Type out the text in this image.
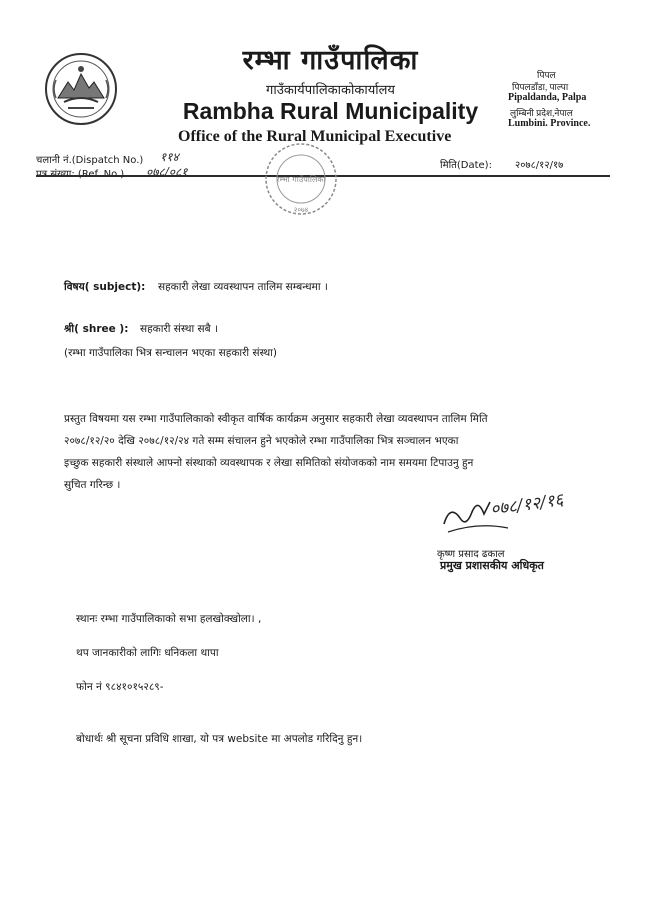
रम्भा गाउँपालिका
गाउँकार्यपालिकाकोकार्यालय
Rambha Rural Municipality
Office of the Rural Municipal Executive
पिपल
पिपलडाँडा, पाल्पा
Pipaldanda, Palpa
लुम्बिनी प्रदेश,नेपाल
Lumbini. Province.
चलानी नं.(Dispatch No.) ११४
पत्र संख्या: (Ref. No.) ०७८/०८१	मिति(Date): २०७८/१२/१७
रम्भा गाउँपालिका
२०७४
विषय( subject): सहकारी लेखा व्यवस्थापन तालिम सम्बन्धमा ।
श्री( shree ): सहकारी संस्था सबै ।
(रम्भा गाउँपालिका भित्र सन्चालन भएका सहकारी संस्था)
प्रस्तुत विषयमा यस रम्भा गाउँपालिकाको स्वीकृत वार्षिक कार्यक्रम अनुसार सहकारी लेखा व्यवस्थापन तालिम मिति
२०७८/१२/२० देखि २०७८/१२/२४ गते सम्म संचालन हुने भएकोले रम्भा गाउँपालिका भित्र सञ्चालन भएका
इच्छुक सहकारी संस्थाले आफ्नो संस्थाको व्यवस्थापक र लेखा समितिको संयोजकको नाम समयमा टिपाउनु हुन
सुचित गरिन्छ ।
०७८/१२/१६
कृष्ण प्रसाद ढकाल
प्रमुख प्रशासकीय अधिकृत
स्थानः रम्भा गाउँपालिकाको सभा हलखोक्खोला। ,
थप जानकारीको लागिः धनिकला थापा
फोन नं ९८४१०१५२८९-
बोधार्थः श्री सूचना प्रविधि शाखा, यो पत्र website मा अपलोड गरिदिनु हुन।
